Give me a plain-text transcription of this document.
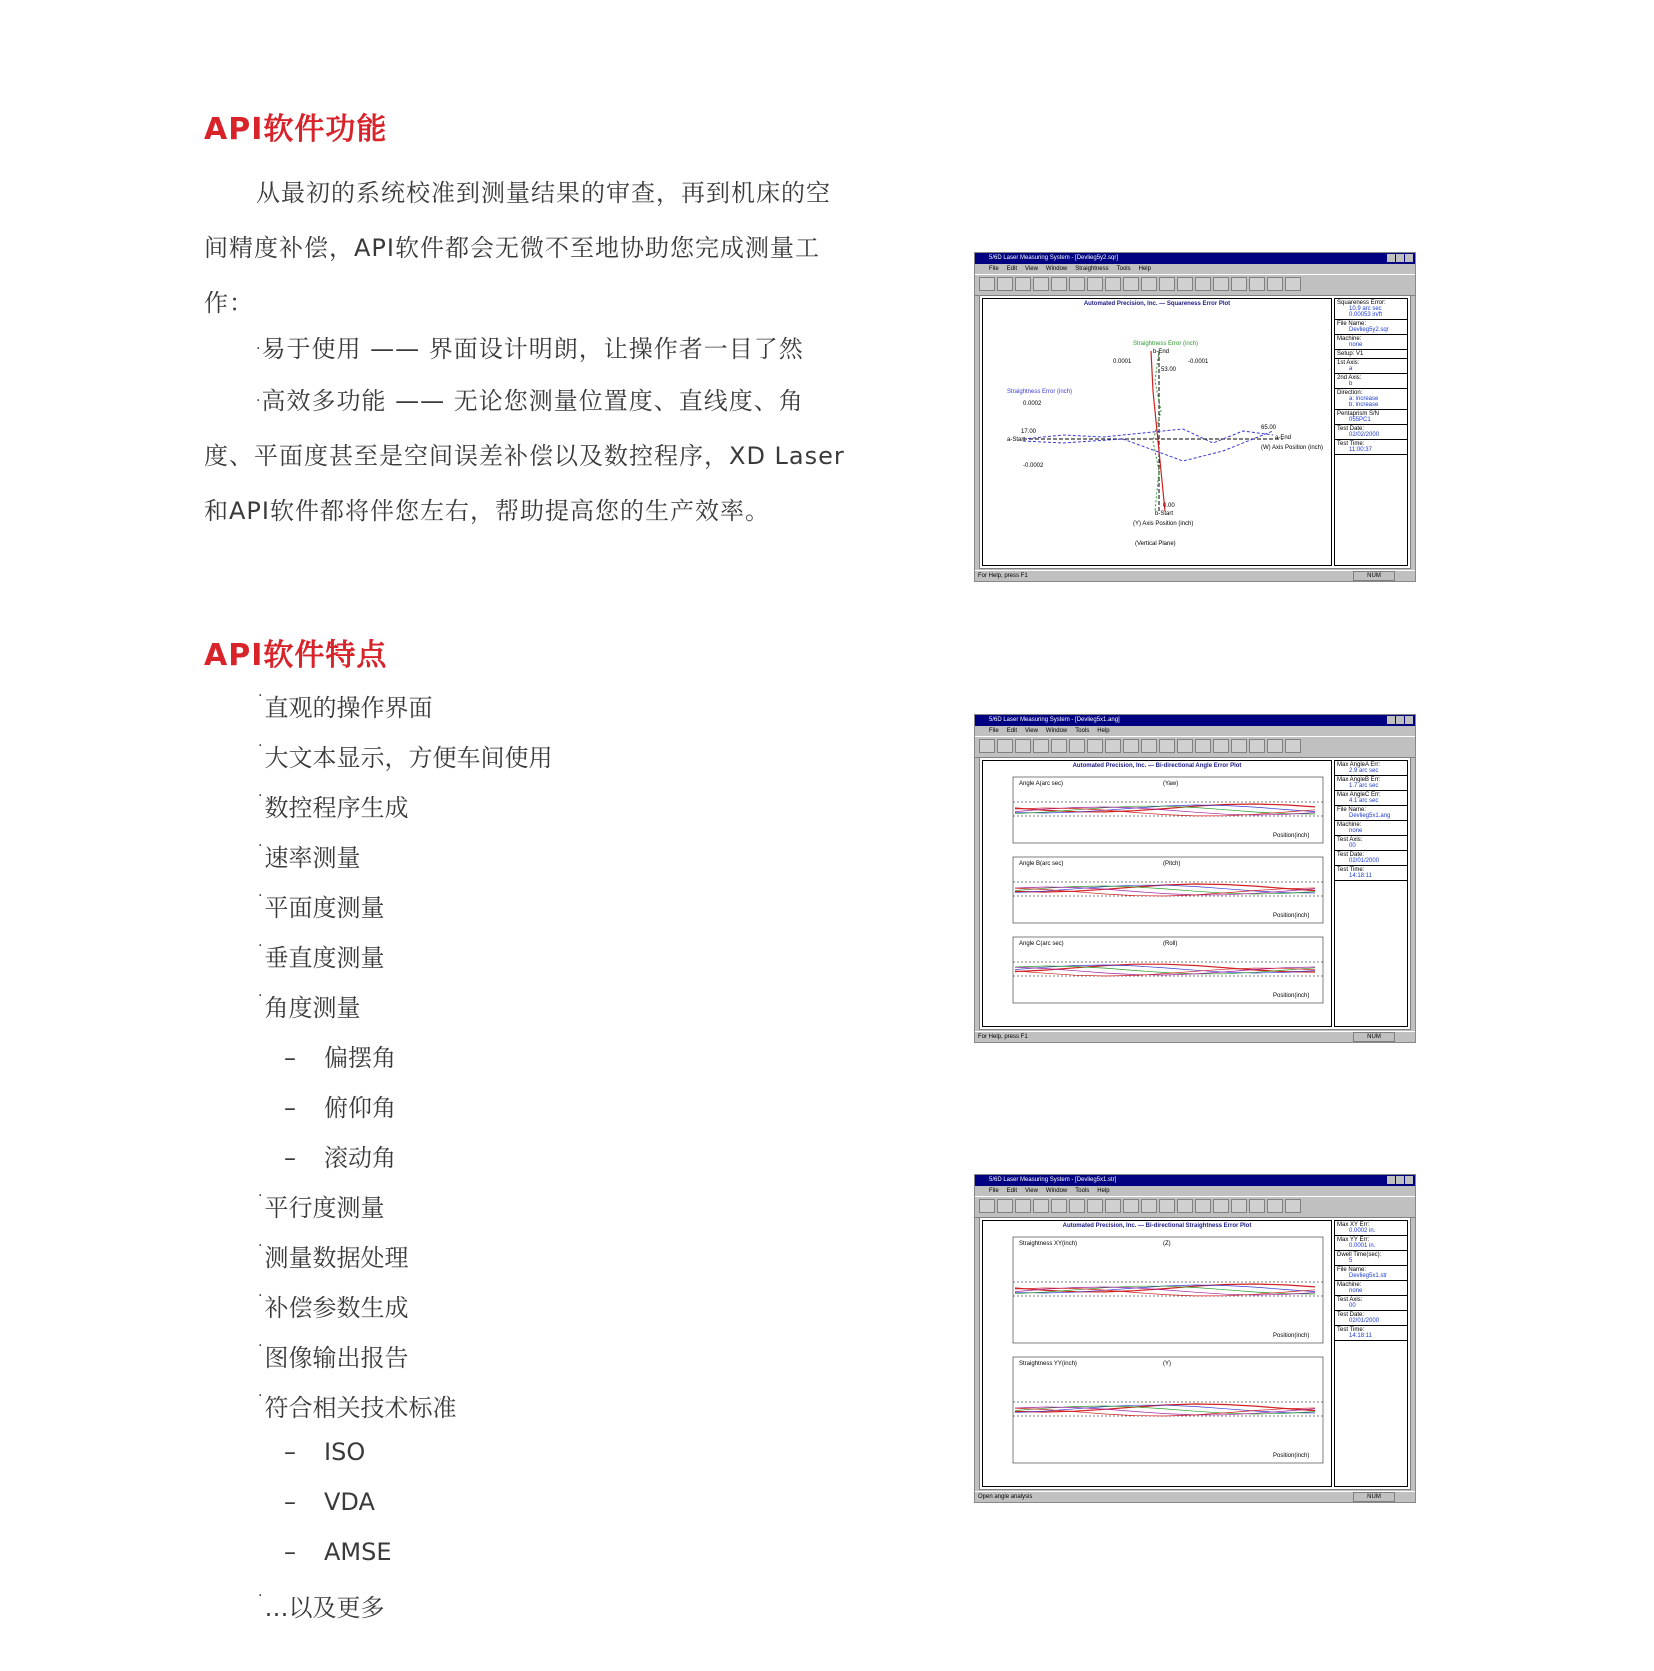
API软件功能
从最初的系统校准到测量结果的审查，再到机床的空间精度补偿，API软件都会无微不至地协助您完成测量工作：
·易于使用 —— 界面设计明朗，让操作者一目了然
·高效多功能 —— 无论您测量位置度、直线度、角度、平面度甚至是空间误差补偿以及数控程序，XD Laser和API软件都将伴您左右，帮助提高您的生产效率。
API软件特点
·直观的操作界面
·大文本显示，方便车间使用
·数控程序生成
·速率测量
·平面度测量
·垂直度测量
·角度测量
– 偏摆角
– 俯仰角
– 滚动角
·平行度测量
·测量数据处理
·补偿参数生成
·图像输出报告
·符合相关技术标准
– ISO
– VDA
– AMSE
·…以及更多
5/6D Laser Measuring System - [Devlieg5y2.sqr]
File Edit View Window Straightness Tools Help
Automated Precision, Inc. — Squareness Error Plot
Straightness Error (inch)
b-End
0.0001	-0.0001
53.00
Straightness Error (inch)
0.0002
a-Start
17.00
-0.0002
65.00
a-End
(W) Axis Position (inch)
0.00
b-Start
(Y) Axis Position (inch)
(Vertical Plane)
Squareness Error:
10.9 arc sec
0.00053 in/ft
File Name:
Devlieg5y2.sqr
Machine:
none
Setup: V1
1st Axis:
a
2nd Axis:
b
Direction:
a: increase
b: increase
Pentaprism S/N
055PC1
Test Date:
02/02/2000
Test Time:
11:00:37
For Help, press F1	NUM
5/6D Laser Measuring System - [Devlieg5x1.ang]
File Edit View Window Tools Help
Automated Precision, Inc. — Bi-directional Angle Error Plot
Angle A(arc sec)	(Yaw)
Position(inch)
Angle B(arc sec)	(Pitch)
Position(inch)
Angle C(arc sec)	(Roll)
Position(inch)
Max AngleA Err:
2.9 arc sec
Max AngleB Err:
1.7 arc sec
Max AngleC Err:
4.1 arc sec
File Name:
Devlieg5x1.ang
Machine:
none
Test Axis:
00
Test Date:
02/01/2000
Test Time:
14:18:11
For Help, press F1	NUM
5/6D Laser Measuring System - [Devlieg5x1.str]
File Edit View Window Tools Help
Automated Precision, Inc. — Bi-directional Straightness Error Plot
Straightness XY(inch)	(Z)
Position(inch)
Straightness YY(inch)	(Y)
Position(inch)
Max XY Err:
0.0002 in.
Max YY Err:
0.0001 in.
Dwell Time(sec):
5
File Name:
Devlieg5x1.str
Machine:
none
Test Axis:
00
Test Date:
02/01/2000
Test Time:
14:18:11
Open angle analysis	NUM
